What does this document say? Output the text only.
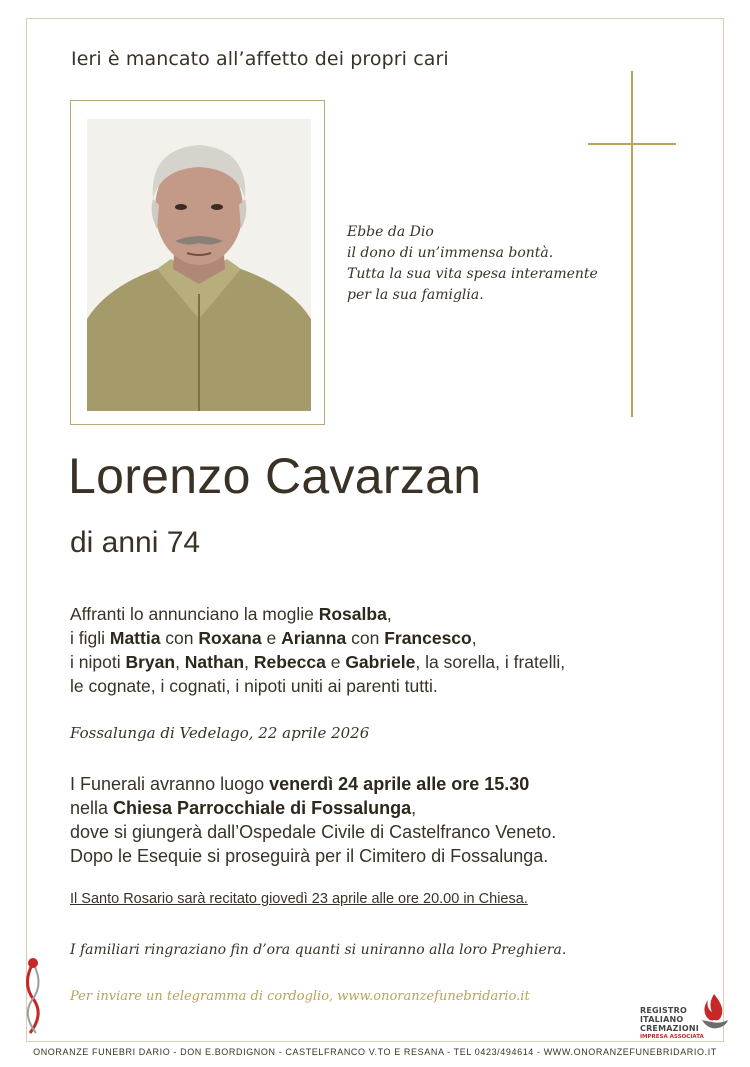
Ieri è mancato all’affetto dei propri cari
Ebbe da Dio
il dono di un’immensa bontà.
Tutta la sua vita spesa interamente
per la sua famiglia.
Lorenzo Cavarzan
di anni 74
Affranti lo annunciano la moglie Rosalba,
i figli Mattia con Roxana e Arianna con Francesco,
i nipoti Bryan, Nathan, Rebecca e Gabriele, la sorella, i fratelli,
le cognate, i cognati, i nipoti uniti ai parenti tutti.
Fossalunga di Vedelago, 22 aprile 2026
I Funerali avranno luogo venerdì 24 aprile alle ore 15.30
nella Chiesa Parrocchiale di Fossalunga,
dove si giungerà dall’Ospedale Civile di Castelfranco Veneto.
Dopo le Esequie si proseguirà per il Cimitero di Fossalunga.
Il Santo Rosario sarà recitato giovedì 23 aprile alle ore 20.00 in Chiesa.
I familiari ringraziano fin d’ora quanti si uniranno alla loro Preghiera.
Per inviare un telegramma di cordoglio, www.onoranzefunebridario.it
REGISTRO
ITALIANO
CREMAZIONI
IMPRESA ASSOCIATA
ONORANZE FUNEBRI DARIO - DON E.BORDIGNON - CASTELFRANCO V.TO E RESANA - TEL 0423/494614 - WWW.ONORANZEFUNEBRIDARIO.IT
